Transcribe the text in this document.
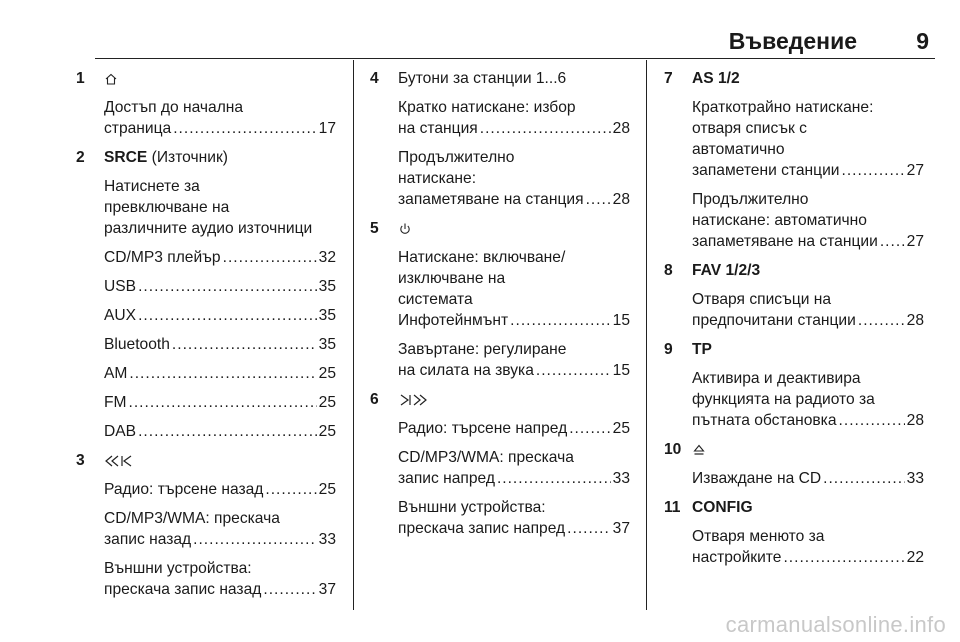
Въведение	9
1
Достъп до начална
страница .....	17
2 SRCE (Източник)
Натиснете за
превключване на
различните аудио източници
CD/MP3 плейър .....	32
USB .....	35
AUX .....	35
Bluetooth .....	35
AM .....	25
FM .....	25
DAB .....	25
3
Радио: търсене назад .....	25
CD/MP3/WMA: прескача
запис назад .....	33
Външни устройства:
прескача запис назад .....	37
4 Бутони за станции 1...6
Кратко натискане: избор
на станция .....	28
Продължително
натискане:
запаметяване на станция ..... 28
5
Натискане: включване/
изключване на
системата
Инфотейнмънт .....	15
Завъртане: регулиране
на силата на звука .....	15
6
Радио: търсене напред .....	25
CD/MP3/WMA: прескача
запис напред .....	33
Външни устройства:
прескача запис напред .....	37
7 AS 1/2
Краткотрайно натискане:
отваря списък с
автоматично
запаметени станции .....	27
Продължително
натискане: автоматично
запаметяване на станции ..... 27
8 FAV 1/2/3
Отваря списъци на
предпочитани станции .....	28
9 TP
Активира и деактивира
функцията на радиото за
пътната обстановка .....	28
10
Изваждане на CD .....	33
11 CONFIG
Отваря менюто за
настройките .....	22
carmanualsonline.info
